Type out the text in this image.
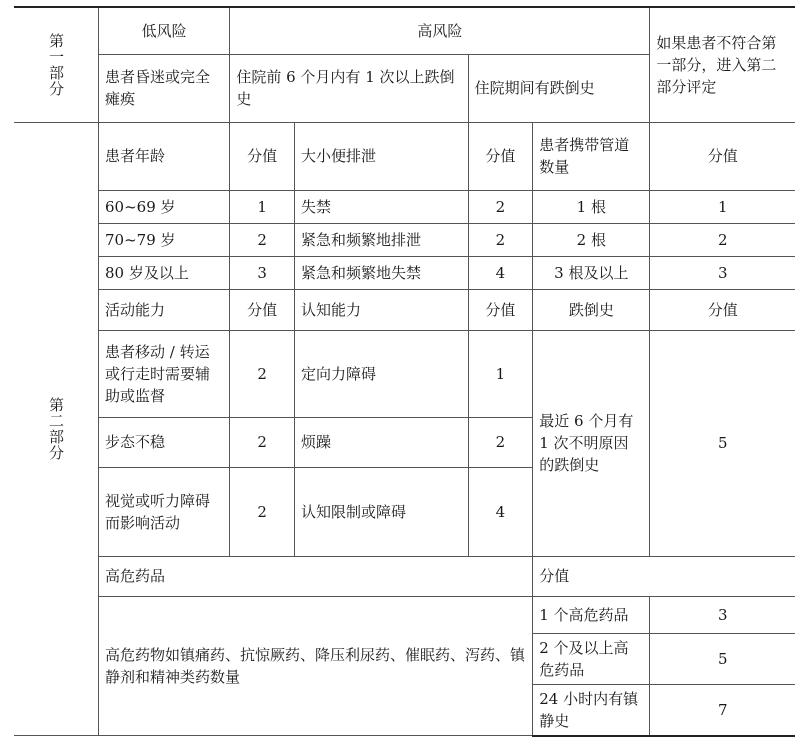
第一部分	低风险	高风险				如果患者不符合第一部分，进入第二部分评定
	患者昏迷或完全瘫痪	住院前 6 个月内有 1 次以上跌倒史		住院期间有跌倒史		

第二部分	患者年龄	分值	大小便排泄	分值	患者携带管道数量	分值
	60~69 岁	1	失禁	2	1 根	1
	70~79 岁	2	紧急和频繁地排泄	2	2 根	2
	80 岁及以上	3	紧急和频繁地失禁	4	3 根及以上	3
	活动能力	分值	认知能力	分值	跌倒史	分值
	患者移动 / 转运或行走时需要辅助或监督	2	定向力障碍	1	最近 6 个月有 1 次不明原因的跌倒史	5
	步态不稳	2	烦躁	2		
	视觉或听力障碍而影响活动	2	认知限制或障碍	4		
	高危药品				分值	
	高危药物如镇痛药、抗惊厥药、降压利尿药、催眠药、泻药、镇静剂和精神类药数量				1 个高危药品	3
					2 个及以上高危药品	5
					24 小时内有镇静史	7
